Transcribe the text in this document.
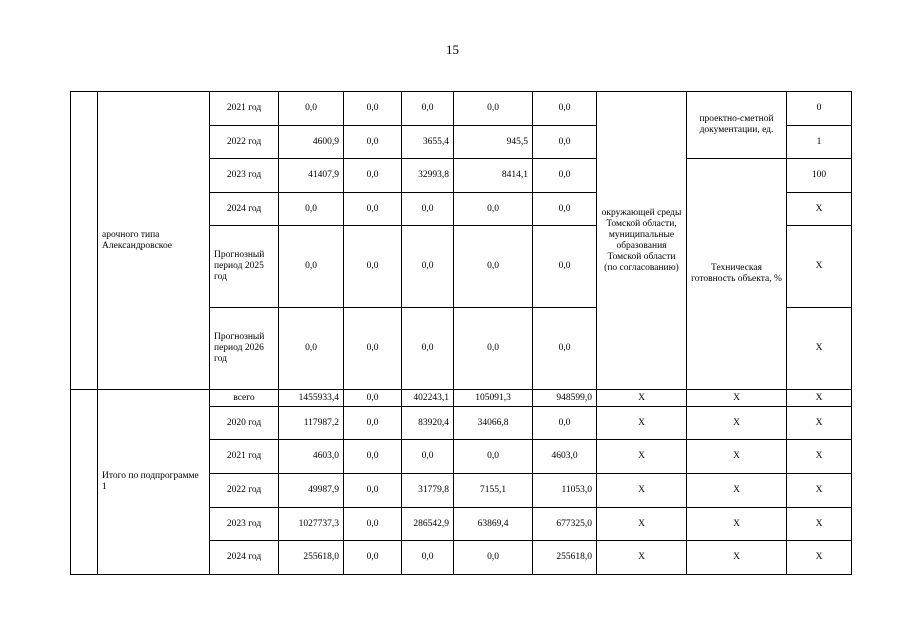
15
	арочного типа Александровское	2021 год	0,0	0,0	0,0	0,0	0,0	окружающей среды Томской области, муниципальные образования Томской области (по согласованию)	проектно-сметной документации, ед.	0
		2022 год	4600,9	0,0	3655,4	945,5	0,0			1
		2023 год	41407,9	0,0	32993,8	8414,1	0,0		Техническая готовность объекта, %	100
		2024 год	0,0	0,0	0,0	0,0	0,0			X
		Прогнозный период 2025 год	0,0	0,0	0,0	0,0	0,0			X
		Прогнозный период 2026 год	0,0	0,0	0,0	0,0	0,0			X
	Итого по подпрограмме 1	всего	1455933,4	0,0	402243,1	105091,3	948599,0	X	X	X
		2020 год	117987,2	0,0	83920,4	34066,8	0,0	X	X	X
		2021 год	4603,0	0,0	0,0	0,0	4603,0	X	X	X
		2022 год	49987,9	0,0	31779,8	7155,1	11053,0	X	X	X
		2023 год	1027737,3	0,0	286542,9	63869,4	677325,0	X	X	X
		2024 год	255618,0	0,0	0,0	0,0	255618,0	X	X	X
